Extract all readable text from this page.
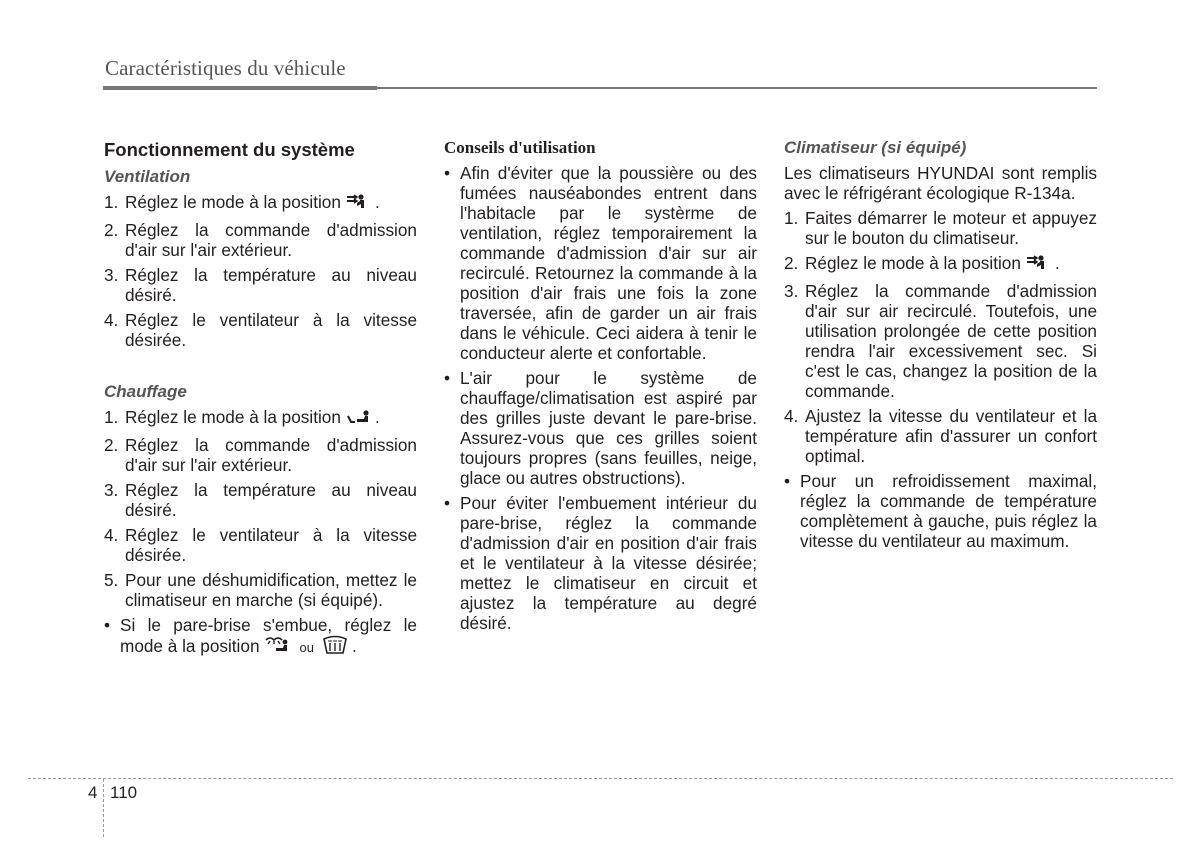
Caractéristiques du véhicule
Fonctionnement du système
Ventilation
1. Réglez le mode à la position .
2. Réglez la commande d'admission d'air sur l'air extérieur.
3. Réglez la température au niveau désiré.
4. Réglez le ventilateur à la vitesse désirée.
Chauffage
1. Réglez le mode à la position .
2. Réglez la commande d'admission d'air sur l'air extérieur.
3. Réglez la température au niveau désiré.
4. Réglez le ventilateur à la vitesse désirée.
5. Pour une déshumidification, mettez le climatiseur en marche (si équipé).
• Si le pare-brise s'embue, réglez le mode à la position	ou .
Conseils d'utilisation
• Afin d'éviter que la poussière ou des fumées nauséabondes entrent dans l'habitacle par le systèrme de ventilation, réglez temporairement la commande d'admission d'air sur air recirculé. Retournez la commande à la position d'air frais une fois la zone traversée, afin de garder un air frais dans le véhicule. Ceci aidera à tenir le conducteur alerte et confortable.
• L'air pour le système de chauffage/climatisation est aspiré par des grilles juste devant le pare-brise. Assurez-vous que ces grilles soient toujours propres (sans feuilles, neige, glace ou autres obstructions).
• Pour éviter l'embuement intérieur du pare-brise, réglez la commande d'admission d'air en position d'air frais et le ventilateur à la vitesse désirée; mettez le climatiseur en circuit et ajustez la température au degré désiré.
Climatiseur (si équipé)
Les climatiseurs HYUNDAI sont remplis avec le réfrigérant écologique R-134a.
1. Faites démarrer le moteur et appuyez sur le bouton du climatiseur.
2. Réglez le mode à la position .
3. Réglez la commande d'admission d'air sur air recirculé. Toutefois, une utilisation prolongée de cette position rendra l'air excessivement sec. Si c'est le cas, changez la position de la commande.
4. Ajustez la vitesse du ventilateur et la température afin d'assurer un confort optimal.
• Pour un refroidissement maximal, réglez la commande de température complètement à gauche, puis réglez la vitesse du ventilateur au maximum.
4 110
